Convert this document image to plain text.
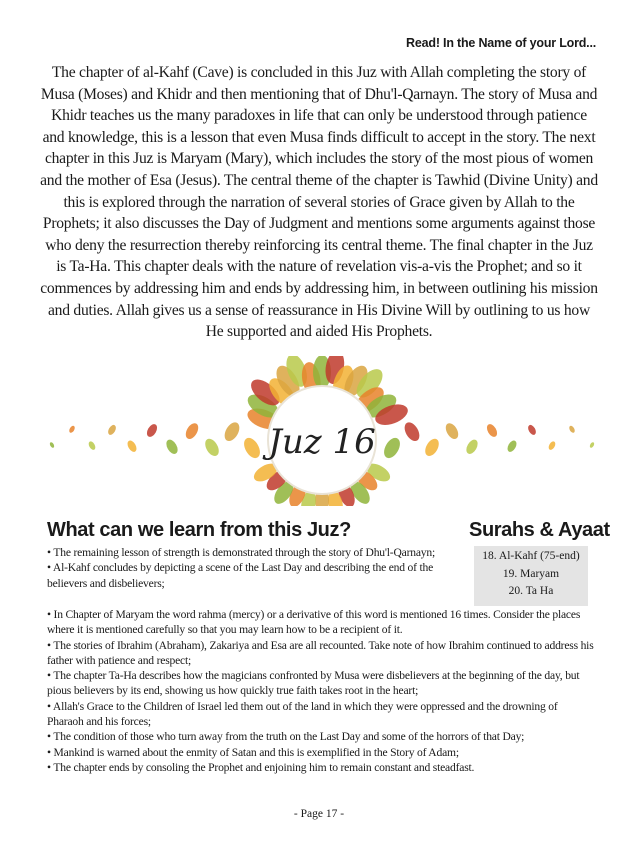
Read! In the Name of your Lord...
The chapter of al-Kahf (Cave) is concluded in this Juz with Allah completing the story of Musa (Moses) and Khidr and then mentioning that of Dhu'l-Qarnayn. The story of Musa and Khidr teaches us the many paradoxes in life that can only be understood through patience and knowledge, this is a lesson that even Musa finds difficult to accept in the story. The next chapter in this Juz is Maryam (Mary), which includes the story of the most pious of women and the mother of Esa (Jesus). The central theme of the chapter is Tawhid (Divine Unity) and this is explored through the narration of several stories of Grace given by Allah to the Prophets; it also discusses the Day of Judgment and mentions some arguments against those who deny the resurrection thereby reinforcing its central theme. The final chapter in the Juz is Ta-Ha. This chapter deals with the nature of revelation vis-a-vis the Prophet; and so it commences by addressing him and ends by addressing him, in between outlining his mission and duties. Allah gives us a sense of reassurance in His Divine Will by outlining to us how He supported and aided His Prophets.
Juz 16
What can we learn from this Juz?	Surahs & Ayaat
18. Al-Kahf (75-end)
19. Maryam
20. Ta Ha
• The remaining lesson of strength is demonstrated through the story of Dhu'l-Qarnayn;
• Al-Kahf concludes by depicting a scene of the Last Day and describing the end of the believers and disbelievers;
• In Chapter of Maryam the word rahma (mercy) or a derivative of this word is mentioned 16 times. Consider the places where it is mentioned carefully so that you may learn how to be a recipient of it.
• The stories of Ibrahim (Abraham), Zakariya and Esa are all recounted. Take note of how Ibrahim continued to address his father with patience and respect;
• The chapter Ta-Ha describes how the magicians confronted by Musa were disbelievers at the beginning of the day, but pious believers by its end, showing us how quickly true faith takes root in the heart;
• Allah's Grace to the Children of Israel led them out of the land in which they were oppressed and the drowning of Pharaoh and his forces;
• The condition of those who turn away from the truth on the Last Day and some of the horrors of that Day;
• Mankind is warned about the enmity of Satan and this is exemplified in the Story of Adam;
• The chapter ends by consoling the Prophet and enjoining him to remain constant and steadfast.
- Page 17 -
